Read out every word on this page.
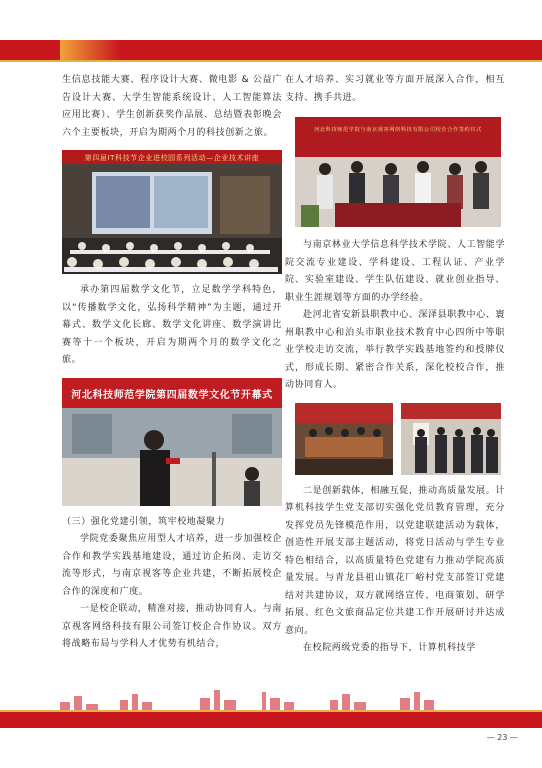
生信息技能大赛、程序设计大赛、微电影 & 公益广告设计大赛、大学生智能系统设计、人工智能算法应用比赛）、学生创新获奖作品展、总结暨表彰晚会六个主要板块，开启为期两个月的科技创新之旅。

第四届IT科技节企业进校园系列活动—企业技术讲座

承办第四届数学文化节，立足数学学科特色，以“传播数学文化，弘扬科学精神”为主题，通过开幕式、数学文化长廊、数学文化讲座、数学演讲比赛等十一个板块，开启为期两个月的数学文化之旅。

河北科技师范学院第四届数学文化节开幕式

（三）强化党建引领，筑牢校地凝聚力

学院党委聚焦应用型人才培养，进一步加强校企合作和教学实践基地建设，通过访企拓岗、走访交流等形式，与南京视客等企业共建，不断拓展校企合作的深度和广度。

一是校企联动，精准对接，推动协同育人。与南京视客网络科技有限公司签订校企合作协议。双方将战略布局与学科人才优势有机结合，

在人才培养、实习就业等方面开展深入合作，相互支持、携手共进。

河北科技师范学院与南京视客网络科技有限公司校企合作签约仪式

与南京林业大学信息科学技术学院、人工智能学院交流专业建设、学科建设、工程认证、产业学院、实验室建设、学生队伍建设、就业创业指导、职业生涯规划等方面的办学经验。

赴河北省安新县职教中心、深泽县职教中心、寰州职教中心和泊头市职业技术教育中心四所中等职业学校走访交流，举行教学实践基地签约和授牌仪式，形成长期、紧密合作关系，深化校校合作，推动协同育人。

二是创新载体，相融互促，推动高质量发展。计算机科技学生党支部切实强化党员教育管理，充分发挥党员先锋模范作用，以党建联建活动为载体，创造性开展支部主题活动，将党日活动与学生专业特色相结合，以高质量特色党建有力推动学院高质量发展。与青龙县祖山镇花厂峪村党支部签订党建结对共建协议，双方就网络宣传、电商策划、研学拓展、红色文旅商品定位共建工作开展研讨并达成意向。

在校院两级党委的指导下，计算机科技学

— 23 —
